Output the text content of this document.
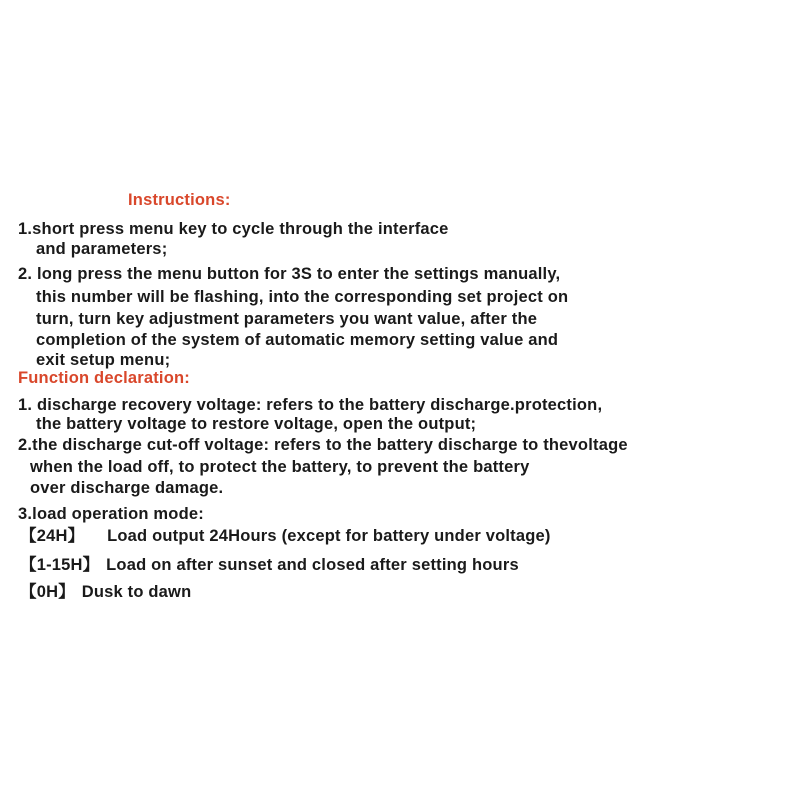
Instructions:
1.short press menu key to cycle through the interface
and parameters;
2. long press the menu button for 3S to enter the settings manually,
this number will be flashing, into the corresponding set project on
turn, turn key adjustment parameters you want value, after the
completion of the system of automatic memory setting value and
exit setup menu;
Function declaration:
1. discharge recovery voltage: refers to the battery discharge.protection,
the battery voltage to restore voltage, open the output;
2.the discharge cut-off voltage: refers to the battery discharge to thevoltage
when the load off, to protect the battery, to prevent the battery
over discharge damage.
3.load operation mode:
【24H】 Load output 24Hours (except for battery under voltage)
【1-15H】 Load on after sunset and closed after setting hours
【0H】 Dusk to dawn
